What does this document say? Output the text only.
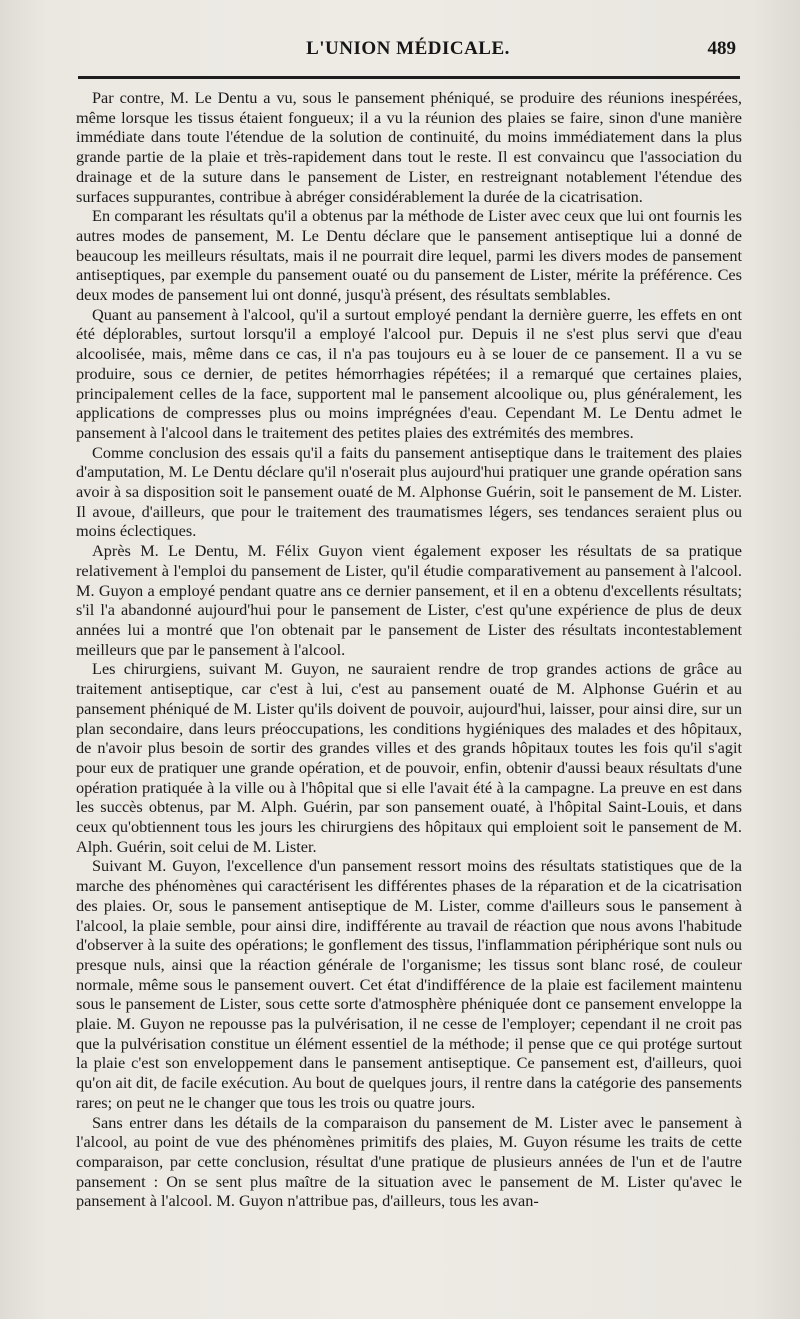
L'UNION MÉDICALE.	489

Par contre, M. Le Dentu a vu, sous le pansement phéniqué, se produire des réunions inespérées, même lorsque les tissus étaient fongueux; il a vu la réunion des plaies se faire, sinon d'une manière immédiate dans toute l'étendue de la solution de continuité, du moins immédiatement dans la plus grande partie de la plaie et très-rapidement dans tout le reste. Il est convaincu que l'association du drainage et de la suture dans le pansement de Lister, en restreignant notablement l'étendue des surfaces suppurantes, contribue à abréger considérablement la durée de la cicatrisation.

En comparant les résultats qu'il a obtenus par la méthode de Lister avec ceux que lui ont fournis les autres modes de pansement, M. Le Dentu déclare que le pansement antiseptique lui a donné de beaucoup les meilleurs résultats, mais il ne pourrait dire lequel, parmi les divers modes de pansement antiseptiques, par exemple du pansement ouaté ou du pansement de Lister, mérite la préférence. Ces deux modes de pansement lui ont donné, jusqu'à présent, des résultats semblables.

Quant au pansement à l'alcool, qu'il a surtout employé pendant la dernière guerre, les effets en ont été déplorables, surtout lorsqu'il a employé l'alcool pur. Depuis il ne s'est plus servi que d'eau alcoolisée, mais, même dans ce cas, il n'a pas toujours eu à se louer de ce pansement. Il a vu se produire, sous ce dernier, de petites hémorrhagies répétées; il a remarqué que certaines plaies, principalement celles de la face, supportent mal le pansement alcoolique ou, plus généralement, les applications de compresses plus ou moins imprégnées d'eau. Cependant M. Le Dentu admet le pansement à l'alcool dans le traitement des petites plaies des extrémités des membres.

Comme conclusion des essais qu'il a faits du pansement antiseptique dans le traitement des plaies d'amputation, M. Le Dentu déclare qu'il n'oserait plus aujourd'hui pratiquer une grande opération sans avoir à sa disposition soit le pansement ouaté de M. Alphonse Guérin, soit le pansement de M. Lister. Il avoue, d'ailleurs, que pour le traitement des traumatismes légers, ses tendances seraient plus ou moins éclectiques.

Après M. Le Dentu, M. Félix Guyon vient également exposer les résultats de sa pratique relativement à l'emploi du pansement de Lister, qu'il étudie comparativement au pansement à l'alcool. M. Guyon a employé pendant quatre ans ce dernier pansement, et il en a obtenu d'excellents résultats; s'il l'a abandonné aujourd'hui pour le pansement de Lister, c'est qu'une expérience de plus de deux années lui a montré que l'on obtenait par le pansement de Lister des résultats incontestablement meilleurs que par le pansement à l'alcool.

Les chirurgiens, suivant M. Guyon, ne sauraient rendre de trop grandes actions de grâce au traitement antiseptique, car c'est à lui, c'est au pansement ouaté de M. Alphonse Guérin et au pansement phéniqué de M. Lister qu'ils doivent de pouvoir, aujourd'hui, laisser, pour ainsi dire, sur un plan secondaire, dans leurs préoccupations, les conditions hygiéniques des malades et des hôpitaux, de n'avoir plus besoin de sortir des grandes villes et des grands hôpitaux toutes les fois qu'il s'agit pour eux de pratiquer une grande opération, et de pouvoir, enfin, obtenir d'aussi beaux résultats d'une opération pratiquée à la ville ou à l'hôpital que si elle l'avait été à la campagne. La preuve en est dans les succès obtenus, par M. Alph. Guérin, par son pansement ouaté, à l'hôpital Saint-Louis, et dans ceux qu'obtiennent tous les jours les chirurgiens des hôpitaux qui emploient soit le pansement de M. Alph. Guérin, soit celui de M. Lister.

Suivant M. Guyon, l'excellence d'un pansement ressort moins des résultats statistiques que de la marche des phénomènes qui caractérisent les différentes phases de la réparation et de la cicatrisation des plaies. Or, sous le pansement antiseptique de M. Lister, comme d'ailleurs sous le pansement à l'alcool, la plaie semble, pour ainsi dire, indifférente au travail de réaction que nous avons l'habitude d'observer à la suite des opérations; le gonflement des tissus, l'inflammation périphérique sont nuls ou presque nuls, ainsi que la réaction générale de l'organisme; les tissus sont blanc rosé, de couleur normale, même sous le pansement ouvert. Cet état d'indifférence de la plaie est facilement maintenu sous le pansement de Lister, sous cette sorte d'atmosphère phéniquée dont ce pansement enveloppe la plaie. M. Guyon ne repousse pas la pulvérisation, il ne cesse de l'employer; cependant il ne croit pas que la pulvérisation constitue un élément essentiel de la méthode; il pense que ce qui protége surtout la plaie c'est son enveloppement dans le pansement antiseptique. Ce pansement est, d'ailleurs, quoi qu'on ait dit, de facile exécution. Au bout de quelques jours, il rentre dans la catégorie des pansements rares; on peut ne le changer que tous les trois ou quatre jours.

Sans entrer dans les détails de la comparaison du pansement de M. Lister avec le pansement à l'alcool, au point de vue des phénomènes primitifs des plaies, M. Guyon résume les traits de cette comparaison, par cette conclusion, résultat d'une pratique de plusieurs années de l'un et de l'autre pansement : On se sent plus maître de la situation avec le pansement de M. Lister qu'avec le pansement à l'alcool. M. Guyon n'attribue pas, d'ailleurs, tous les avan-
